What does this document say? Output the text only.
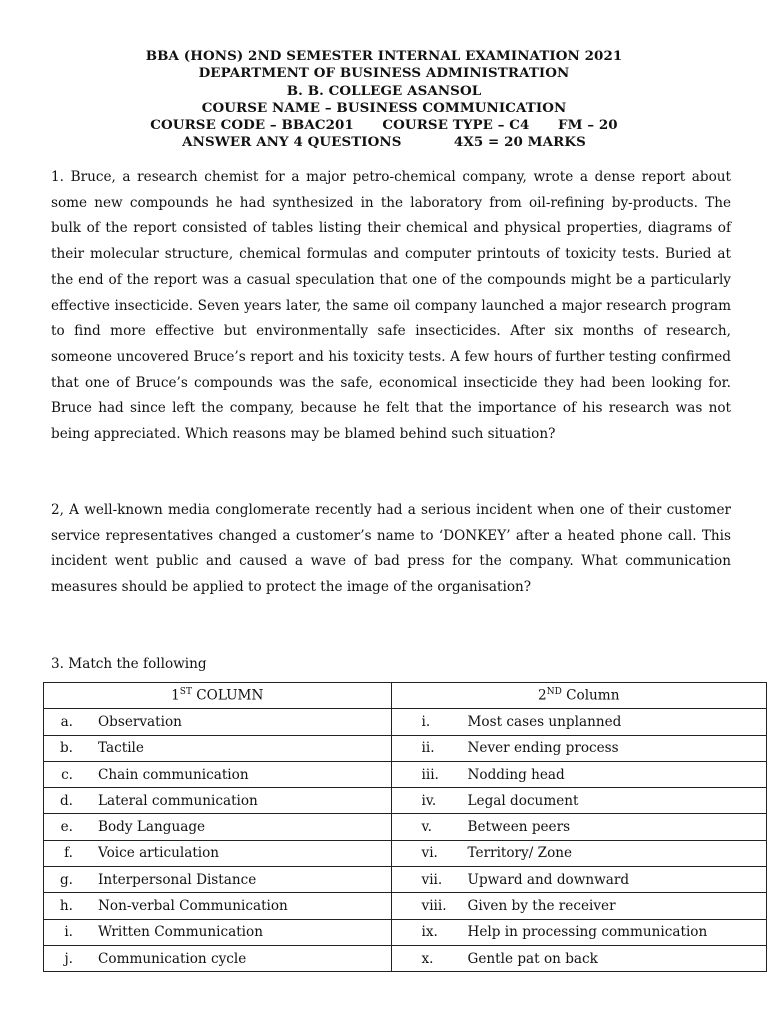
BBA (HONS) 2ND SEMESTER INTERNAL EXAMINATION 2021
DEPARTMENT OF BUSINESS ADMINISTRATION
B. B. COLLEGE ASANSOL
COURSE NAME – BUSINESS COMMUNICATION
COURSE CODE – BBAC201      COURSE TYPE – C4      FM – 20
ANSWER ANY 4 QUESTIONS           4X5 = 20 MARKS
1. Bruce, a research chemist for a major petro-chemical company, wrote a dense report about some new compounds he had synthesized in the laboratory from oil-refining by-products. The bulk of the report consisted of tables listing their chemical and physical properties, diagrams of their molecular structure, chemical formulas and computer printouts of toxicity tests. Buried at the end of the report was a casual speculation that one of the compounds might be a particularly effective insecticide. Seven years later, the same oil company launched a major research program to find more effective but environmentally safe insecticides. After six months of research, someone uncovered Bruce’s report and his toxicity tests. A few hours of further testing confirmed that one of Bruce’s compounds was the safe, economical insecticide they had been looking for. Bruce had since left the company, because he felt that the importance of his research was not being appreciated. Which reasons may be blamed behind such situation?
2, A well-known media conglomerate recently had a serious incident when one of their customer service representatives changed a customer’s name to ‘DONKEY’ after a heated phone call. This incident went public and caused a wave of bad press for the company. What communication measures should be applied to protect the image of the organisation?
3. Match the following
1ST COLUMN	2ND Column
a. Observation	i. Most cases unplanned
b. Tactile	ii. Never ending process
c. Chain communication	iii. Nodding head
d. Lateral communication	iv. Legal document
e. Body Language	v. Between peers
f. Voice articulation	vi. Territory/ Zone
g. Interpersonal Distance	vii. Upward and downward
h. Non-verbal Communication	viii. Given by the receiver
i. Written Communication	ix. Help in processing communication
j. Communication cycle	x. Gentle pat on back
